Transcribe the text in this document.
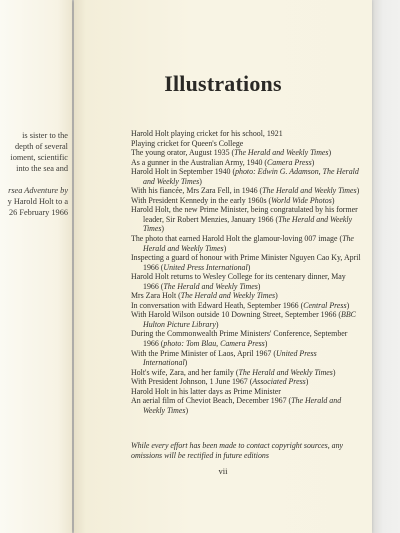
is sister to the
depth of several
ioment, scientific
into the sea and
rsea Adventure by
y Harold Holt to a
26 February 1966
Illustrations

Harold Holt playing cricket for his school, 1921

Playing cricket for Queen's College

The young orator, August 1935 (The Herald and Weekly Times)

As a gunner in the Australian Army, 1940 (Camera Press)

Harold Holt in September 1940 (photo: Edwin G. Adamson, The Herald and Weekly Times)

With his fiancée, Mrs Zara Fell, in 1946 (The Herald and Weekly Times)

With President Kennedy in the early 1960s (World Wide Photos)

Harold Holt, the new Prime Minister, being congratulated by his former leader, Sir Robert Menzies, January 1966 (The Herald and Weekly Times)

The photo that earned Harold Holt the glamour-loving 007 image (The Herald and Weekly Times)

Inspecting a guard of honour with Prime Minister Nguyen Cao Ky, April 1966 (United Press International)

Harold Holt returns to Wesley College for its centenary dinner, May 1966 (The Herald and Weekly Times)

Mrs Zara Holt (The Herald and Weekly Times)

In conversation with Edward Heath, September 1966 (Central Press)

With Harold Wilson outside 10 Downing Street, September 1966 (BBC Hulton Picture Library)

During the Commonwealth Prime Ministers' Conference, September 1966 (photo: Tom Blau, Camera Press)

With the Prime Minister of Laos, April 1967 (United Press International)

Holt's wife, Zara, and her family (The Herald and Weekly Times)

With President Johnson, 1 June 1967 (Associated Press)

Harold Holt in his latter days as Prime Minister

An aerial film of Cheviot Beach, December 1967 (The Herald and Weekly Times)

While every effort has been made to contact copyright sources, any omissions will be rectified in future editions
vii
